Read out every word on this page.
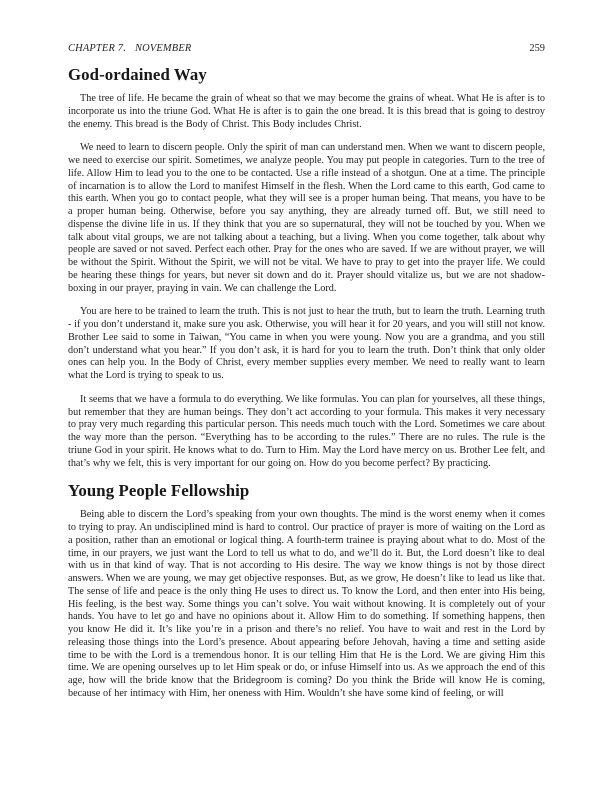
CHAPTER 7. NOVEMBER	259
God-ordained Way

The tree of life. He became the grain of wheat so that we may become the grains of wheat. What He is after is to incorporate us into the triune God. What He is after is to gain the one bread. It is this bread that is going to destroy the enemy. This bread is the Body of Christ. This Body includes Christ.

We need to learn to discern people. Only the spirit of man can understand men. When we want to discern people, we need to exercise our spirit. Sometimes, we analyze people. You may put people in categories. Turn to the tree of life. Allow Him to lead you to the one to be contacted. Use a rifle instead of a shotgun. One at a time. The principle of incarnation is to allow the Lord to manifest Himself in the flesh. When the Lord came to this earth, God came to this earth. When you go to contact people, what they will see is a proper human being. That means, you have to be a proper human being. Otherwise, before you say anything, they are already turned off. But, we still need to dispense the divine life in us. If they think that you are so supernatural, they will not be touched by you. When we talk about vital groups, we are not talking about a teaching, but a living. When you come together, talk about why people are saved or not saved. Perfect each other. Pray for the ones who are saved. If we are without prayer, we will be without the Spirit. Without the Spirit, we will not be vital. We have to pray to get into the prayer life. We could be hearing these things for years, but never sit down and do it. Prayer should vitalize us, but we are not shadow-boxing in our prayer, praying in vain. We can challenge the Lord.

You are here to be trained to learn the truth. This is not just to hear the truth, but to learn the truth. Learning truth - if you don’t understand it, make sure you ask. Otherwise, you will hear it for 20 years, and you will still not know. Brother Lee said to some in Taiwan, “You came in when you were young. Now you are a grandma, and you still don’t understand what you hear.” If you don’t ask, it is hard for you to learn the truth. Don’t think that only older ones can help you. In the Body of Christ, every member supplies every member. We need to really want to learn what the Lord is trying to speak to us.

It seems that we have a formula to do everything. We like formulas. You can plan for yourselves, all these things, but remember that they are human beings. They don’t act according to your formula. This makes it very necessary to pray very much regarding this particular person. This needs much touch with the Lord. Sometimes we care about the way more than the person. “Everything has to be according to the rules.” There are no rules. The rule is the triune God in your spirit. He knows what to do. Turn to Him. May the Lord have mercy on us. Brother Lee felt, and that’s why we felt, this is very important for our going on. How do you become perfect? By practicing.

Young People Fellowship

Being able to discern the Lord’s speaking from your own thoughts. The mind is the worst enemy when it comes to trying to pray. An undisciplined mind is hard to control. Our practice of prayer is more of waiting on the Lord as a position, rather than an emotional or logical thing. A fourth-term trainee is praying about what to do. Most of the time, in our prayers, we just want the Lord to tell us what to do, and we’ll do it. But, the Lord doesn’t like to deal with us in that kind of way. That is not according to His desire. The way we know things is not by those direct answers. When we are young, we may get objective responses. But, as we grow, He doesn’t like to lead us like that. The sense of life and peace is the only thing He uses to direct us. To know the Lord, and then enter into His being, His feeling, is the best way. Some things you can’t solve. You wait without knowing. It is completely out of your hands. You have to let go and have no opinions about it. Allow Him to do something. If something happens, then you know He did it. It’s like you’re in a prison and there’s no relief. You have to wait and rest in the Lord by releasing those things into the Lord’s presence. About appearing before Jehovah, having a time and setting aside time to be with the Lord is a tremendous honor. It is our telling Him that He is the Lord. We are giving Him this time. We are opening ourselves up to let Him speak or do, or infuse Himself into us. As we approach the end of this age, how will the bride know that the Bridegroom is coming? Do you think the Bride will know He is coming, because of her intimacy with Him, her oneness with Him. Wouldn’t she have some kind of feeling, or will
